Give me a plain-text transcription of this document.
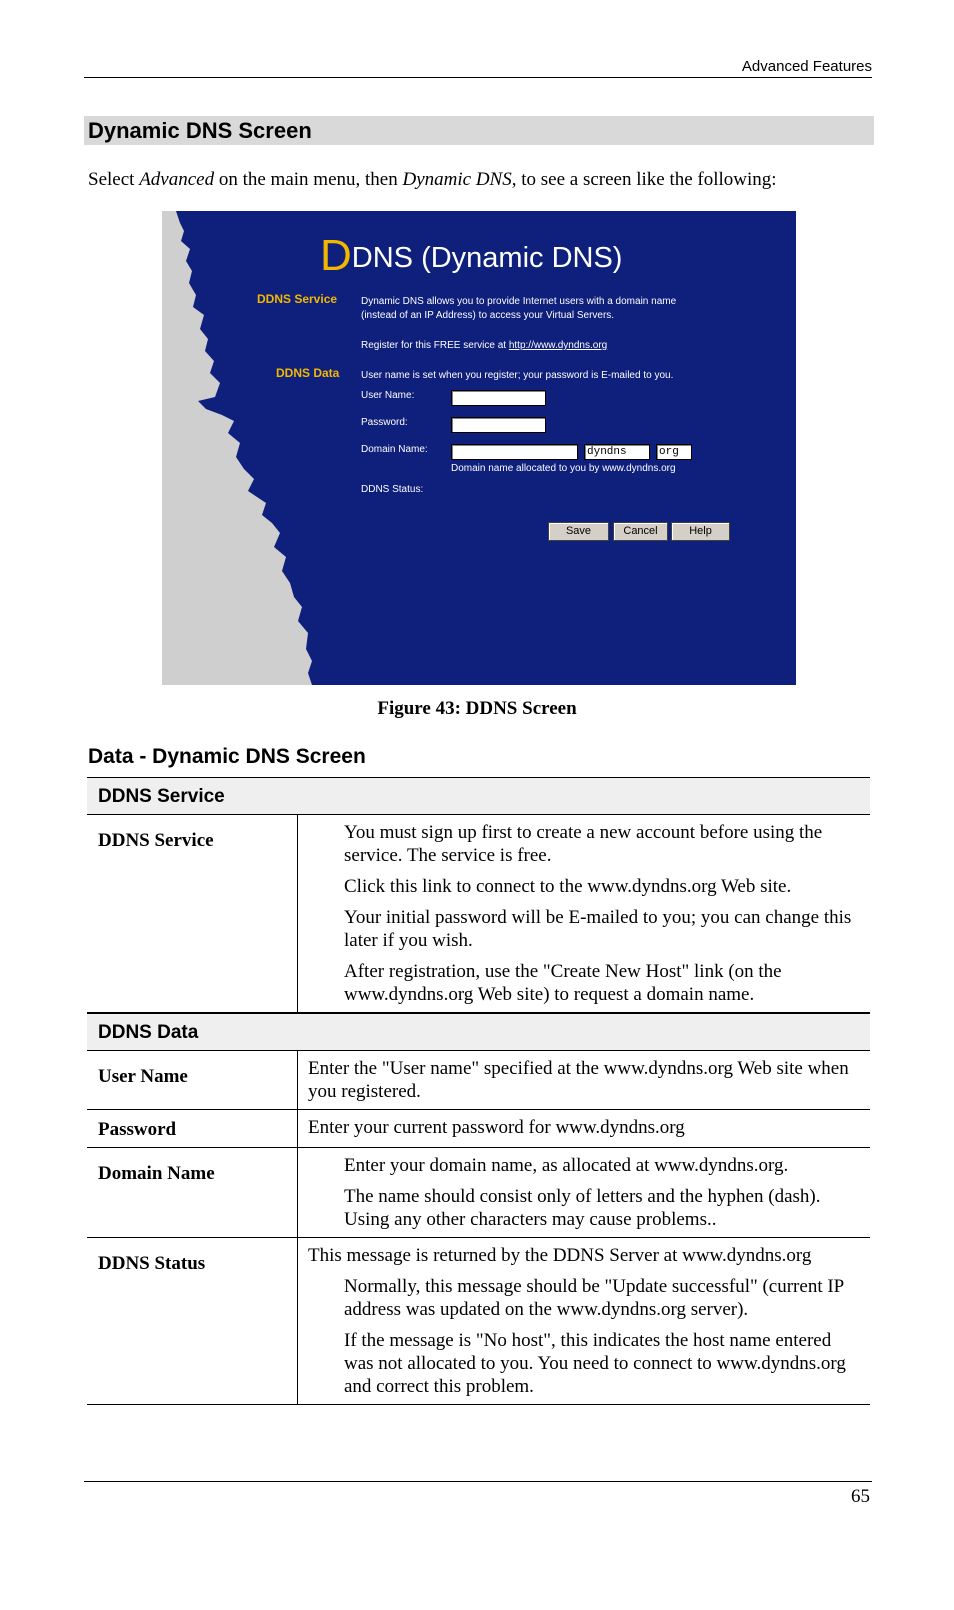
Advanced Features
Dynamic DNS Screen
Select Advanced on the main menu, then Dynamic DNS, to see a screen like the following:
DDNS (Dynamic DNS)
DDNS Service Dynamic DNS allows you to provide Internet users with a domain name
(instead of an IP Address) to access your Virtual Servers.
Register for this FREE service at http://www.dyndns.org
DDNS Data User name is set when you register; your password is E-mailed to you.
User Name:
Password:
Domain Name:	dyndns	org
Domain name allocated to you by www.dyndns.org
DDNS Status:
Save	Cancel	Help
Figure 43: DDNS Screen
Data - Dynamic DNS Screen
DDNS Service	
DDNS Service	You must sign up first to create a new account before using the service. The service is free.

Click this link to connect to the www.dyndns.org Web site.

Your initial password will be E-mailed to you; you can change this later if you wish.

After registration, use the "Create New Host" link (on the www.dyndns.org Web site) to request a domain name.

DDNS Data	
User Name	Enter the "User name" specified at the www.dyndns.org Web site when you registered.

Password	Enter your current password for www.dyndns.org

Domain Name	Enter your domain name, as allocated at www.dyndns.org.

The name should consist only of letters and the hyphen (dash). Using any other characters may cause problems..

DDNS Status	This message is returned by the DDNS Server at www.dyndns.org

Normally, this message should be "Update successful" (current IP address was updated on the www.dyndns.org server).

If the message is "No host", this indicates the host name entered was not allocated to you. You need to connect to www.dyndns.org and correct this problem.

65
